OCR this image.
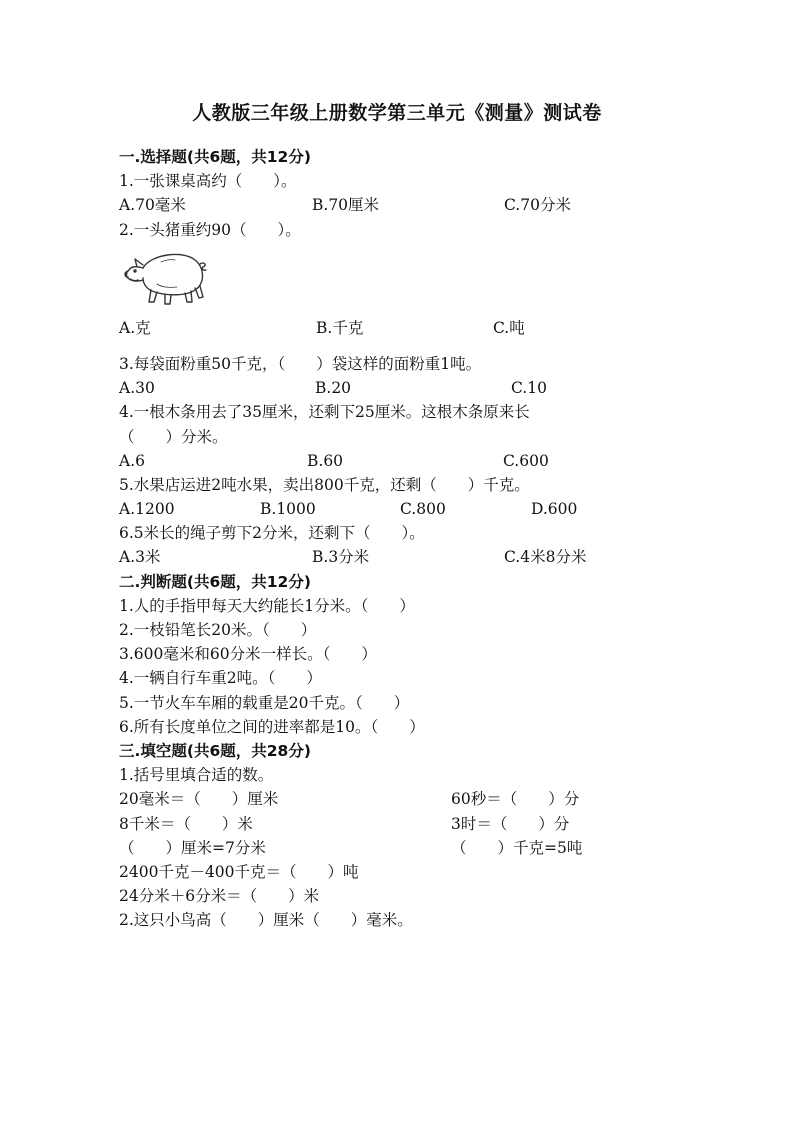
人教版三年级上册数学第三单元《测量》测试卷
一.选择题(共6题，共12分)
1.一张课桌高约（　　）。
A.70毫米	B.70厘米	C.70分米
2.一头猪重约90（　　）。
A.克	B.千克	C.吨
3.每袋面粉重50千克，（　　）袋这样的面粉重1吨。
A.30	B.20	C.10
4.一根木条用去了35厘米，还剩下25厘米。这根木条原来长
（　　）分米。
A.6	B.60	C.600
5.水果店运进2吨水果，卖出800千克，还剩（　　）千克。
A.1200	B.1000	C.800	D.600
6.5米长的绳子剪下2分米，还剩下（　　）。
A.3米	B.3分米	C.4米8分米
二.判断题(共6题，共12分)
1.人的手指甲每天大约能长1分米。（　　）
2.一枝铅笔长20米。（　　）
3.600毫米和60分米一样长。（　　）
4.一辆自行车重2吨。（　　）
5.一节火车车厢的载重是20千克。（　　）
6.所有长度单位之间的进率都是10。（　　）
三.填空题(共6题，共28分)
1.括号里填合适的数。
20毫米＝（　　）厘米	60秒＝（　　）分
8千米＝（　　）米	3时＝（　　）分
（　　）厘米=7分米	（　　）千克=5吨
2400千克－400千克＝（　　）吨
24分米＋6分米＝（　　）米
2.这只小鸟高（　　）厘米（　　）毫米。
